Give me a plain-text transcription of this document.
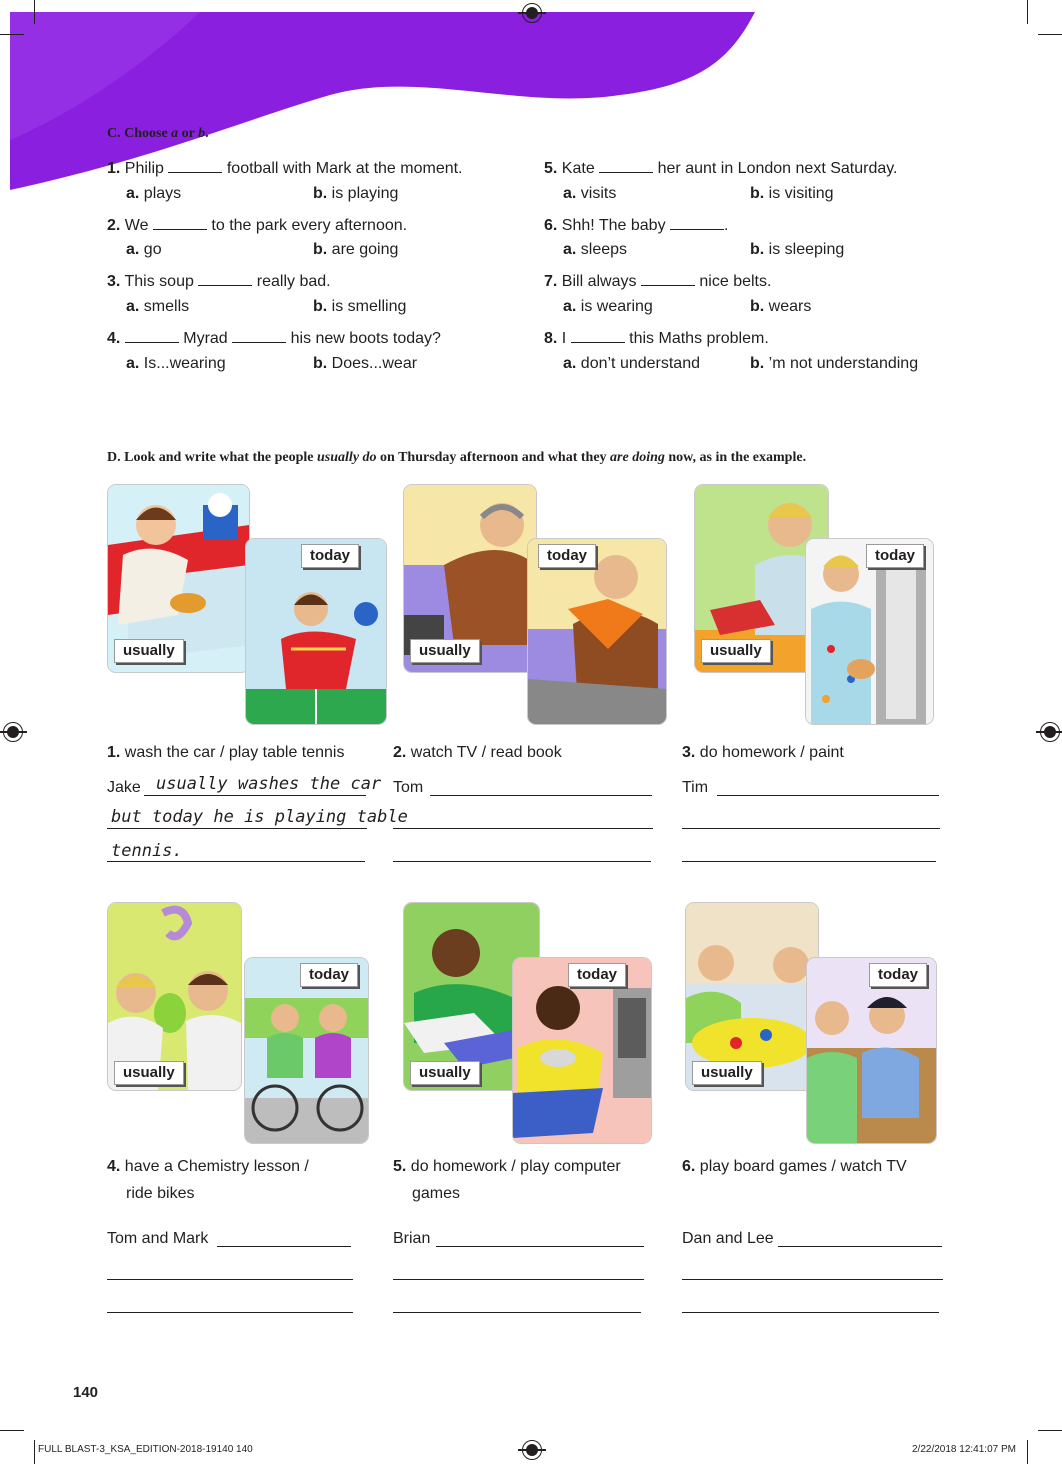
C. Choose a or b.
1. Philip	football with Mark at the moment.
a. plays	b. is playing
2. We	to the park every afternoon.
a. go	b. are going
3. This soup	really bad.
a. smells	b. is smelling
4.	Myrad	his new boots today?
a. Is...wearing	b. Does...wear
5. Kate	her aunt in London next Saturday.
a. visits	b. is visiting
6. Shh! The baby	.
a. sleeps	b. is sleeping
7. Bill always	nice belts.
a. is wearing	b. wears
8. I	this Maths problem.
a. don’t understand	b. ’m not understanding
D. Look and write what the people usually do on Thursday afternoon and what they are doing now, as in the example.
usually
today
usually
today
usually
today
1. wash the car / play table tennis
Jake usually washes the car
but today he is playing table
tennis.
2. watch TV / read book
Tom
3. do homework / paint
Tim
usually
today
usually
today
usually
today
4. have a Chemistry lesson /
ride bikes
Tom and Mark
5. do homework / play computer
games
Brian
6. play board games / watch TV
Dan and Lee
140
FULL BLAST-3_KSA_EDITION-2018-19140 140	2/22/2018 12:41:07 PM
